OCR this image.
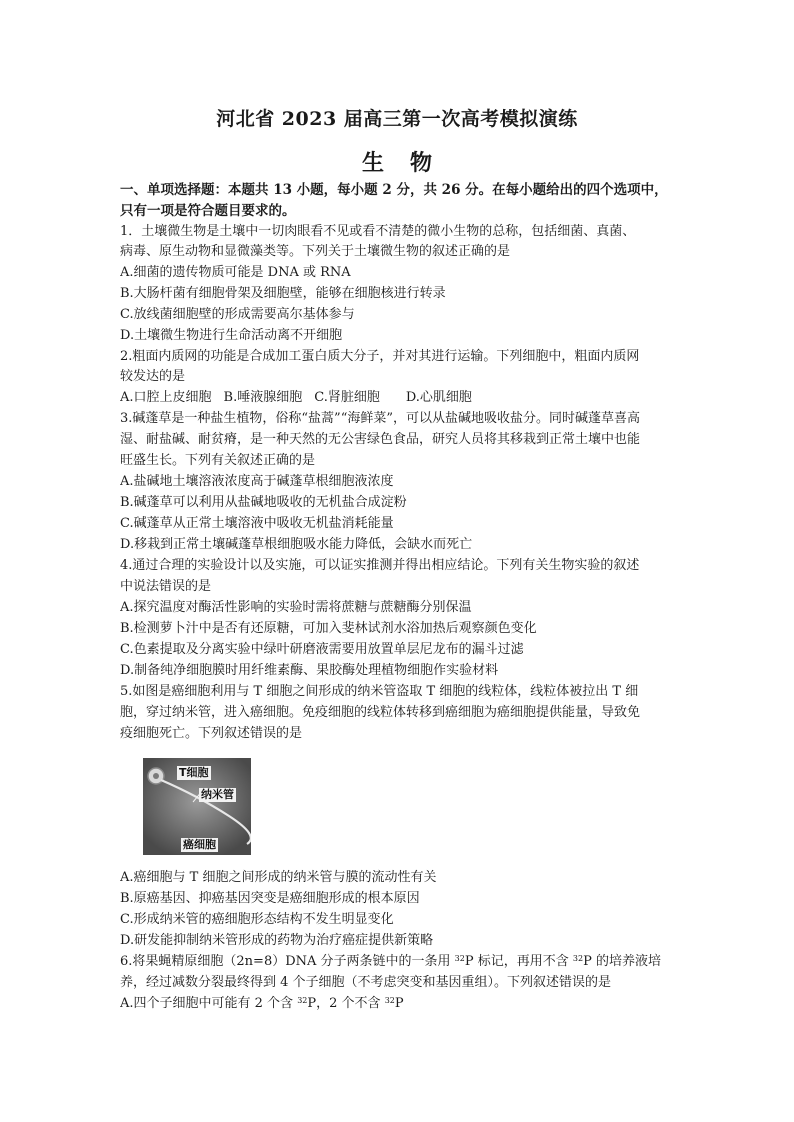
河北省 2023 届高三第一次高考模拟演练
生物
一、单项选择题：本题共 13 小题，每小题 2 分，共 26 分。在每小题给出的四个选项中，
只有一项是符合题目要求的。
1．土壤微生物是土壤中一切肉眼看不见或看不清楚的微小生物的总称，包括细菌、真菌、
病毒、原生动物和显微藻类等。下列关于土壤微生物的叙述正确的是
A.细菌的遗传物质可能是 DNA 或 RNA
B.大肠杆菌有细胞骨架及细胞壁，能够在细胞核进行转录
C.放线菌细胞壁的形成需要高尔基体参与
D.土壤微生物进行生命活动离不开细胞
2.粗面内质网的功能是合成加工蛋白质大分子，并对其进行运输。下列细胞中，粗面内质网
较发达的是
A.口腔上皮细胞 B.唾液腺细胞 C.肾脏细胞 D.心肌细胞
3.碱蓬草是一种盐生植物，俗称“盐蒿”“海鲜菜”，可以从盐碱地吸收盐分。同时碱蓬草喜高
湿、耐盐碱、耐贫瘠，是一种天然的无公害绿色食品，研究人员将其移栽到正常土壤中也能
旺盛生长。下列有关叙述正确的是
A.盐碱地土壤溶液浓度高于碱蓬草根细胞液浓度
B.碱蓬草可以利用从盐碱地吸收的无机盐合成淀粉
C.碱蓬草从正常土壤溶液中吸收无机盐消耗能量
D.移栽到正常土壤碱蓬草根细胞吸水能力降低，会缺水而死亡
4.通过合理的实验设计以及实施，可以证实推测并得出相应结论。下列有关生物实验的叙述
中说法错误的是
A.探究温度对酶活性影响的实验时需将蔗糖与蔗糖酶分别保温
B.检测萝卜汁中是否有还原糖，可加入斐林试剂水浴加热后观察颜色变化
C.色素提取及分离实验中绿叶研磨液需要用放置单层尼龙布的漏斗过滤
D.制备纯净细胞膜时用纤维素酶、果胶酶处理植物细胞作实验材料
5.如图是癌细胞利用与 T 细胞之间形成的纳米管盗取 T 细胞的线粒体，线粒体被拉出 T 细
胞，穿过纳米管，进入癌细胞。免疫细胞的线粒体转移到癌细胞为癌细胞提供能量，导致免
疫细胞死亡。下列叙述错误的是
T细胞
纳米管
癌细胞
A.癌细胞与 T 细胞之间形成的纳米管与膜的流动性有关
B.原癌基因、抑癌基因突变是癌细胞形成的根本原因
C.形成纳米管的癌细胞形态结构不发生明显变化
D.研发能抑制纳米管形成的药物为治疗癌症提供新策略
6.将果蝇精原细胞（2n=8）DNA 分子两条链中的一条用 $^{32}$P 标记，再用不含 $^{32}$P 的培养液培
养，经过减数分裂最终得到 4 个子细胞（不考虑突变和基因重组）。下列叙述错误的是
A.四个子细胞中可能有 2 个含 $^{32}$P，2 个不含 $^{32}$P
